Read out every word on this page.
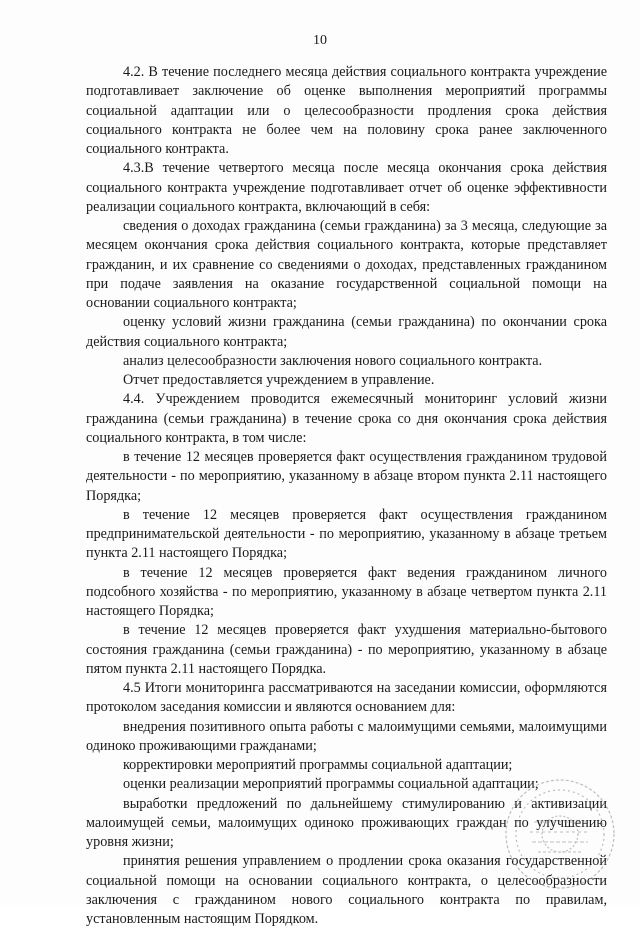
10

4.2. В течение последнего месяца действия социального контракта учреждение подготавливает заключение об оценке выполнения мероприятий программы социальной адаптации или о целесообразности продления срока действия социального контракта не более чем на половину срока ранее заключенного социального контракта.

4.3.В течение четвертого месяца после месяца окончания срока действия социального контракта учреждение подготавливает отчет об оценке эффективности реализации социального контракта, включающий в себя:

сведения о доходах гражданина (семьи гражданина) за 3 месяца, следующие за месяцем окончания срока действия социального контракта, которые представляет гражданин, и их сравнение со сведениями о доходах, представленных гражданином при подаче заявления на оказание государственной социальной помощи на основании социального контракта;

оценку условий жизни гражданина (семьи гражданина) по окончании срока действия социального контракта;

анализ целесообразности заключения нового социального контракта.

Отчет предоставляется учреждением в управление.

4.4. Учреждением проводится ежемесячный мониторинг условий жизни гражданина (семьи гражданина) в течение срока со дня окончания срока действия социального контракта, в том числе:

в течение 12 месяцев проверяется факт осуществления гражданином трудовой деятельности - по мероприятию, указанному в абзаце втором пункта 2.11 настоящего Порядка;

в течение 12 месяцев проверяется факт осуществления гражданином предпринимательской деятельности - по мероприятию, указанному в абзаце третьем пункта 2.11 настоящего Порядка;

в течение 12 месяцев проверяется факт ведения гражданином личного подсобного хозяйства - по мероприятию, указанному в абзаце четвертом пункта 2.11 настоящего Порядка;

в течение 12 месяцев проверяется факт ухудшения материально-бытового состояния гражданина (семьи гражданина) - по мероприятию, указанному в абзаце пятом пункта 2.11 настоящего Порядка.

4.5 Итоги мониторинга рассматриваются на заседании комиссии, оформляются протоколом заседания комиссии и являются основанием для:

внедрения позитивного опыта работы с малоимущими семьями, малоимущими одиноко проживающими гражданами;

корректировки мероприятий программы социальной адаптации;

оценки реализации мероприятий программы социальной адаптации;

выработки предложений по дальнейшему стимулированию и активизации малоимущей семьи, малоимущих одиноко проживающих граждан по улучшению уровня жизни;

принятия решения управлением о продлении срока оказания государственной социальной помощи на основании социального контракта, о целесообразности заключения с гражданином нового социального контракта по правилам, установленным настоящим Порядком.
